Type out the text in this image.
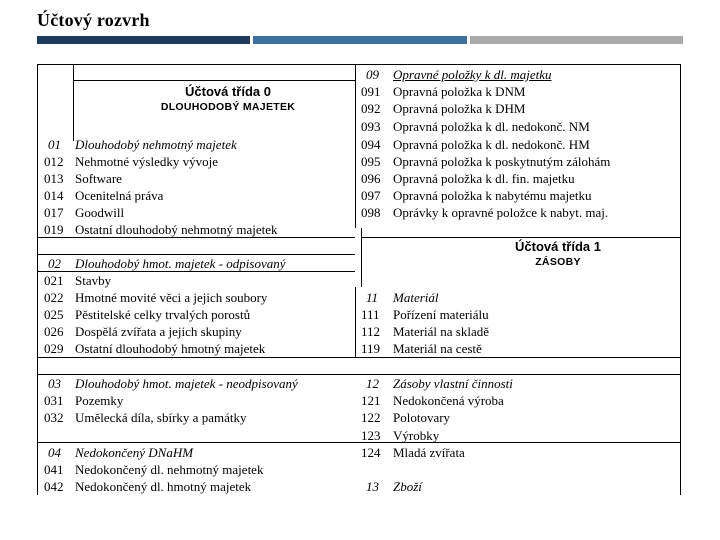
Účtový rozvrh
Účtová třída 0
DLOUHODOBÝ MAJETEK
Účtová třída 1
ZÁSOBY
01 Dlouhodobý nehmotný majetek
012 Nehmotné výsledky vývoje
013 Software
014 Ocenitelná práva
017 Goodwill
019 Ostatní dlouhodobý nehmotný majetek
02 Dlouhodobý hmot. majetek - odpisovaný
021 Stavby
022 Hmotné movité věci a jejich soubory
025 Pěstitelské celky trvalých porostů
026 Dospělá zvířata a jejich skupiny
029 Ostatní dlouhodobý hmotný majetek
03 Dlouhodobý hmot. majetek - neodpisovaný
031 Pozemky
032 Umělecká díla, sbírky a památky
04 Nedokončený DNaHM
041 Nedokončený dl. nehmotný majetek
042 Nedokončený dl. hmotný majetek
09 Opravné položky k dl. majetku
091 Opravná položka k DNM
092 Opravná položka k DHM
093 Opravná položka k dl. nedokonč. NM
094 Opravná položka k dl. nedokonč. HM
095 Opravná položka k poskytnutým zálohám
096 Opravná položka k dl. fin. majetku
097 Opravná položka k nabytému majetku
098 Oprávky k opravné položce k nabyt. maj.
11 Materiál
111 Pořízení materiálu
112 Materiál na skladě
119 Materiál na cestě
12 Zásoby vlastní činnosti
121 Nedokončená výroba
122 Polotovary
123 Výrobky
124 Mladá zvířata
13 Zboží
